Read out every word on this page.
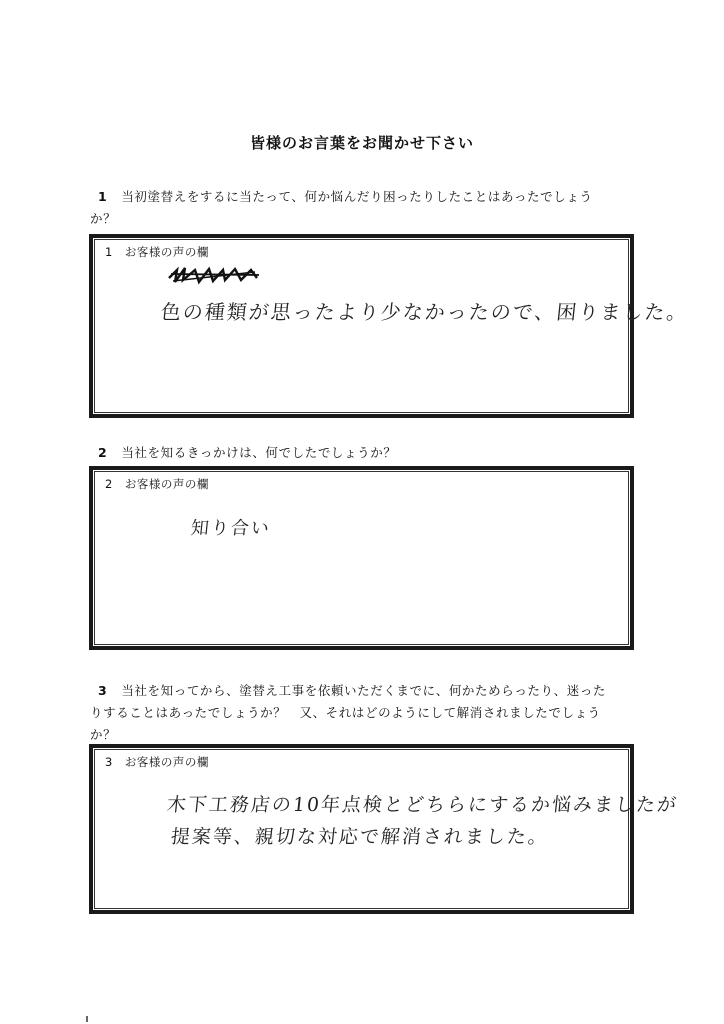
皆様のお言葉をお聞かせ下さい
1 当初塗替えをするに当たって、何か悩んだり困ったりしたことはあったでしょう
か？
1 お客様の声の欄
色の種類が思ったより少なかったので、困りました。
2 当社を知るきっかけは、何でしたでしょうか？
2 お客様の声の欄
知り合い
3 当社を知ってから、塗替え工事を依頼いただくまでに、何かためらったり、迷った
りすることはあったでしょうか？　又、それはどのようにして解消されましたでしょう
か？
3 お客様の声の欄
木下工務店の10年点検とどちらにするか悩みましたが
提案等、親切な対応で解消されました。
